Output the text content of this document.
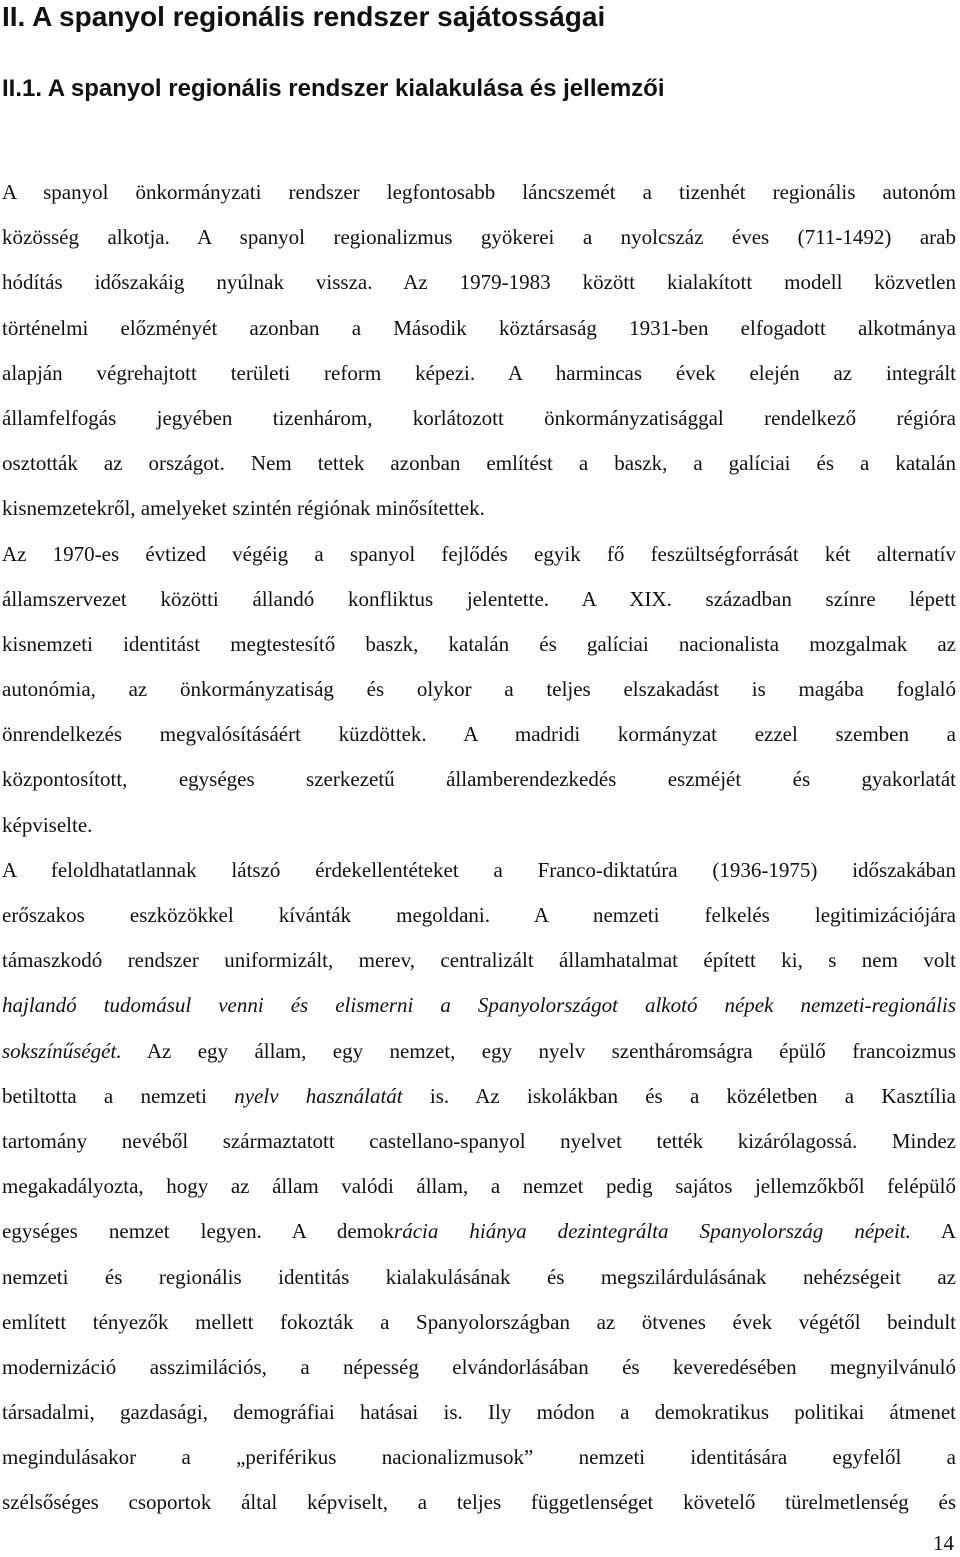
II. A spanyol regionális rendszer sajátosságai
II.1. A spanyol regionális rendszer kialakulása és jellemzői
A spanyol önkormányzati rendszer legfontosabb láncszemét a tizenhét regionális autonóm
közösség alkotja. A spanyol regionalizmus gyökerei a nyolcszáz éves (711-1492) arab
hódítás időszakáig nyúlnak vissza. Az 1979-1983 között kialakított modell közvetlen
történelmi előzményét azonban a Második köztársaság 1931-ben elfogadott alkotmánya
alapján végrehajtott területi reform képezi. A harmincas évek elején az integrált
államfelfogás jegyében tizenhárom, korlátozott önkormányzatisággal rendelkező régióra
osztották az országot. Nem tettek azonban említést a baszk, a galíciai és a katalán
kisnemzetekről, amelyeket szintén régiónak minősítettek.
Az 1970-es évtized végéig a spanyol fejlődés egyik fő feszültségforrását két alternatív
államszervezet közötti állandó konfliktus jelentette. A XIX. században színre lépett
kisnemzeti identitást megtestesítő baszk, katalán és galíciai nacionalista mozgalmak az
autonómia, az önkormányzatiság és olykor a teljes elszakadást is magába foglaló
önrendelkezés megvalósításáért küzdöttek. A madridi kormányzat ezzel szemben a
központosított, egységes szerkezetű államberendezkedés eszméjét és gyakorlatát
képviselte.
A feloldhatatlannak látszó érdekellentéteket a Franco-diktatúra (1936-1975) időszakában
erőszakos eszközökkel kívánták megoldani. A nemzeti felkelés legitimizációjára
támaszkodó rendszer uniformizált, merev, centralizált államhatalmat épített ki, s nem volt
hajlandó tudomásul venni és elismerni a Spanyolországot alkotó népek nemzeti-regionális
sokszínűségét. Az egy állam, egy nemzet, egy nyelv szentháromságra épülő francoizmus
betiltotta a nemzeti nyelv használatát is. Az iskolákban és a közéletben a Kasztília
tartomány nevéből származtatott castellano-spanyol nyelvet tették kizárólagossá. Mindez
megakadályozta, hogy az állam valódi állam, a nemzet pedig sajátos jellemzőkből felépülő
egységes nemzet legyen. A demokrácia hiánya dezintegrálta Spanyolország népeit. A
nemzeti és regionális identitás kialakulásának és megszilárdulásának nehézségeit az
említett tényezők mellett fokozták a Spanyolországban az ötvenes évek végétől beindult
modernizáció asszimilációs, a népesség elvándorlásában és keveredésében megnyilvánuló
társadalmi, gazdasági, demográfiai hatásai is. Ily módon a demokratikus politikai átmenet
megindulásakor a „periférikus nacionalizmusok” nemzeti identitására egyfelől a
szélsőséges csoportok által képviselt, a teljes függetlenséget követelő türelmetlenség és
14
